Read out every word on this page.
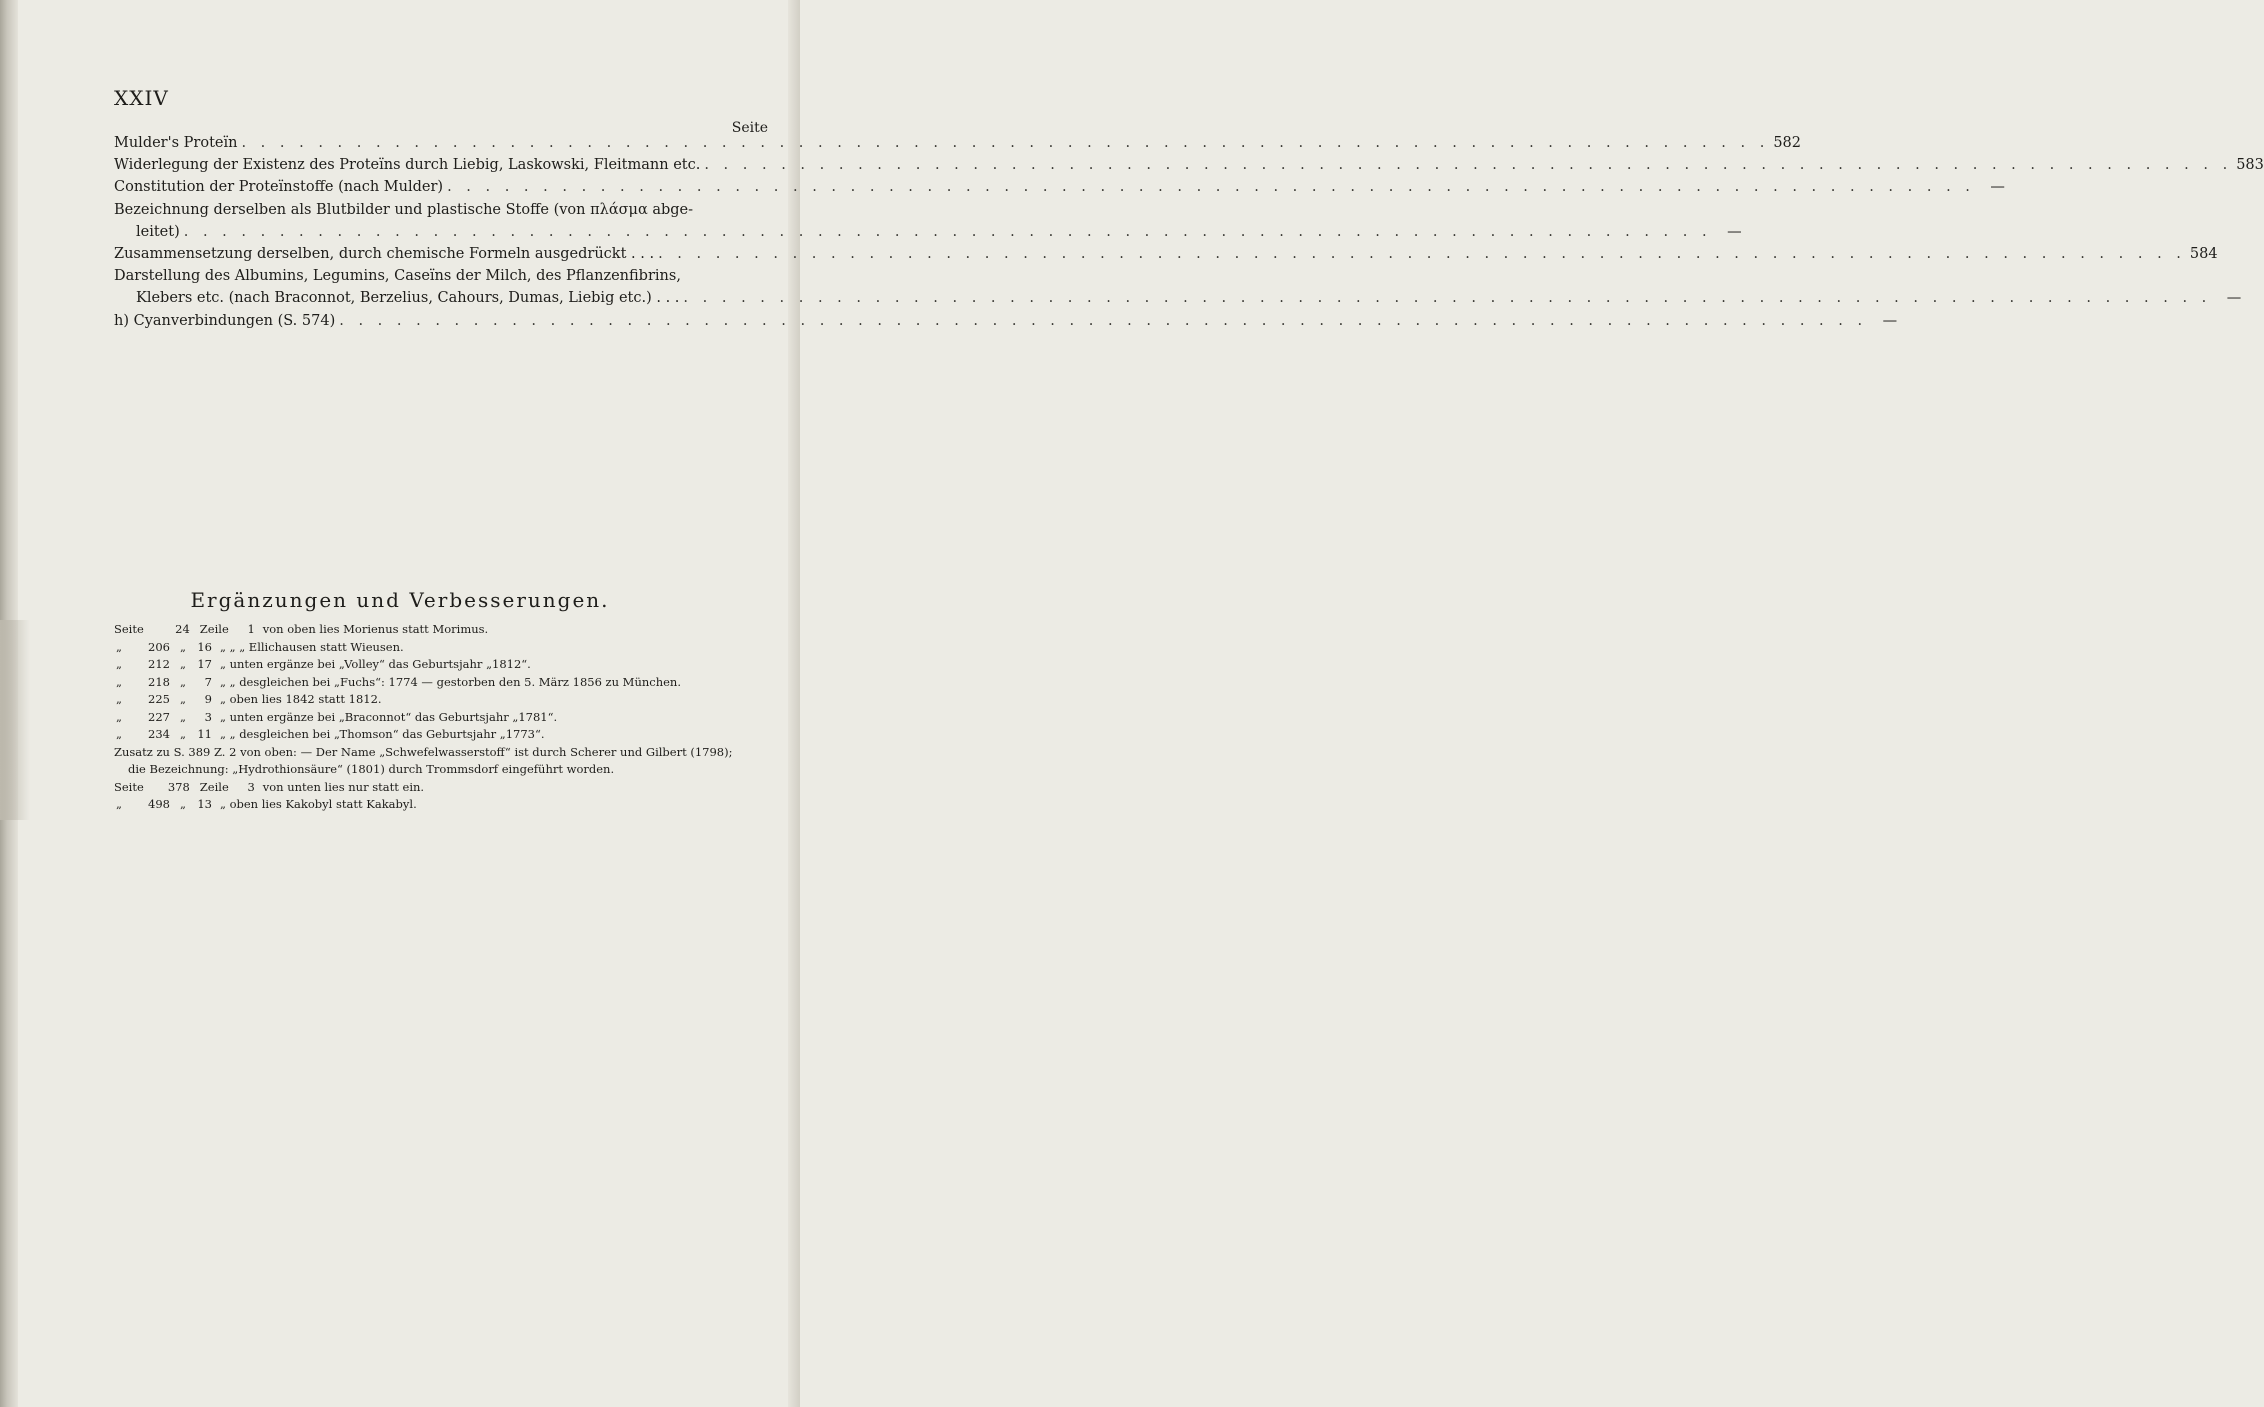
XXIV
Seite
Mulder's Proteïn . . . . . . . . . . . . . . . . . . . . . . . . . . . . . . . . . . . . . . . . . . . . . . . . . . . . . . . . . . . . . . . . . . . . . . . . . . . . . . . . 582
Widerlegung der Existenz des Proteïns durch Liebig, Laskowski, Fleitmann etc. . . . . . . . . . . . . . . . . . . . . . . . . . . . . . . . . . . . . . . . . . . . . . . . . . . . . . . . . . . . . . . . . . . . . . . . . . . . . . . . . 583
Constitution der Proteïnstoffe (nach Mulder) . . . . . . . . . . . . . . . . . . . . . . . . . . . . . . . . . . . . . . . . . . . . . . . . . . . . . . . . . . . . . . . . . . . . . . . . . . . . . . . .	—
Bezeichnung derselben als Blutbilder und plastische Stoffe (von πλάσμα abge-
leitet) . . . . . . . . . . . . . . . . . . . . . . . . . . . . . . . . . . . . . . . . . . . . . . . . . . . . . . . . . . . . . . . . . . . . . . . . . . . . . . . .	—
Zusammensetzung derselben, durch chemische Formeln ausgedrückt . . . . . . . . . . . . . . . . . . . . . . . . . . . . . . . . . . . . . . . . . . . . . . . . . . . . . . . . . . . . . . . . . . . . . . . . . . . . . . . . . . . 584
Darstellung des Albumins, Legumins, Caseïns der Milch, des Pflanzenfibrins,
Klebers etc. (nach Braconnot, Berzelius, Cahours, Dumas, Liebig etc.) . . . . . . . . . . . . . . . . . . . . . . . . . . . . . . . . . . . . . . . . . . . . . . . . . . . . . . . . . . . . . . . . . . . . . . . . . . . . . . . . . . .	—
h) Cyanverbindungen (S. 574) . . . . . . . . . . . . . . . . . . . . . . . . . . . . . . . . . . . . . . . . . . . . . . . . . . . . . . . . . . . . . . . . . . . . . . . . . . . . . . . .	—
Ergänzungen und Verbesserungen.
Seite	24 Zeile 1 von oben lies Morienus statt Morimus.
„ 206 „ 16 „ „ „ Ellichausen statt Wieusen.
„ 212 „ 17 „ unten ergänze bei „Volley“ das Geburtsjahr „1812“.
„ 218 „ 7 „ „ desgleichen bei „Fuchs“: 1774 — gestorben den 5. März 1856 zu München.
„ 225 „ 9 „ oben lies 1842 statt 1812.
„ 227 „ 3 „ unten ergänze bei „Braconnot“ das Geburtsjahr „1781“.
„ 234 „ 11 „ „ desgleichen bei „Thomson“ das Geburtsjahr „1773“.
Zusatz zu S. 389 Z. 2 von oben: — Der Name „Schwefelwasserstoff“ ist durch Scherer und Gilbert (1798);
die Bezeichnung: „Hydrothionsäure“ (1801) durch Trommsdorf eingeführt worden.
Seite 378 Zeile 3 von unten lies nur statt ein.
„ 498 „ 13 „ oben lies Kakobyl statt Kakabyl.
